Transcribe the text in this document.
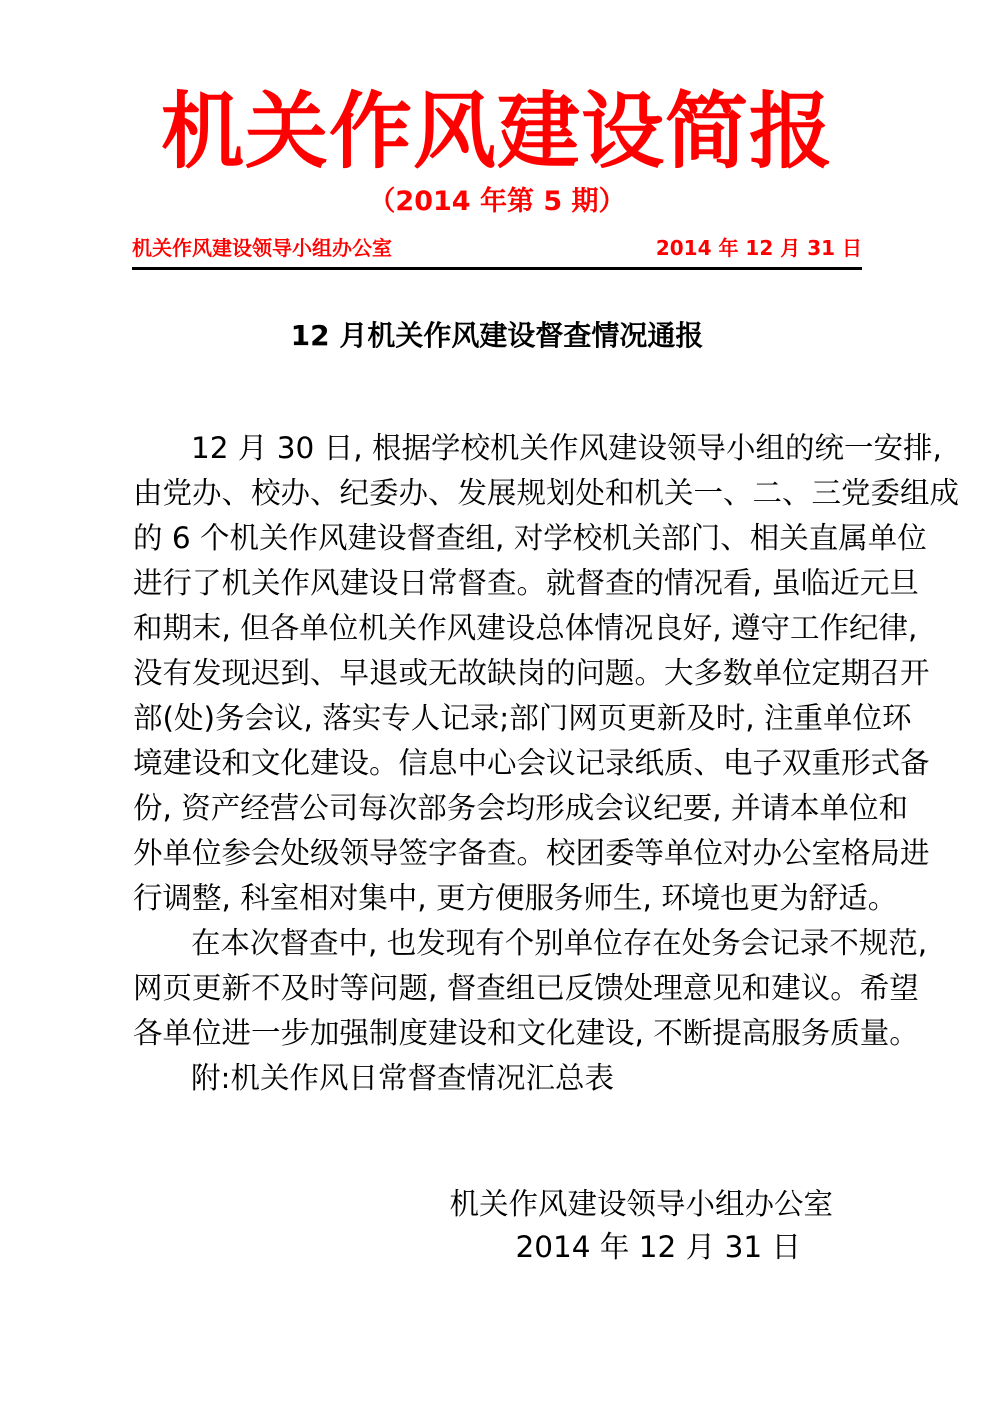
机关作风建设简报
（2014 年第 5 期）
机关作风建设领导小组办公室	2014 年 12 月 31 日
12 月机关作风建设督查情况通报
12 月 30 日, 根据学校机关作风建设领导小组的统一安排,
由党办、校办、纪委办、发展规划处和机关一、二、三党委组成
的 6 个机关作风建设督查组, 对学校机关部门、相关直属单位
进行了机关作风建设日常督查。就督查的情况看, 虽临近元旦
和期末, 但各单位机关作风建设总体情况良好, 遵守工作纪律,
没有发现迟到、早退或无故缺岗的问题。大多数单位定期召开
部(处)务会议, 落实专人记录;部门网页更新及时, 注重单位环
境建设和文化建设。信息中心会议记录纸质、电子双重形式备
份, 资产经营公司每次部务会均形成会议纪要, 并请本单位和
外单位参会处级领导签字备查。校团委等单位对办公室格局进
行调整, 科室相对集中, 更方便服务师生, 环境也更为舒适。
在本次督查中, 也发现有个别单位存在处务会记录不规范,
网页更新不及时等问题, 督查组已反馈处理意见和建议。希望
各单位进一步加强制度建设和文化建设, 不断提高服务质量。
附:机关作风日常督查情况汇总表
机关作风建设领导小组办公室
2014 年 12 月 31 日
